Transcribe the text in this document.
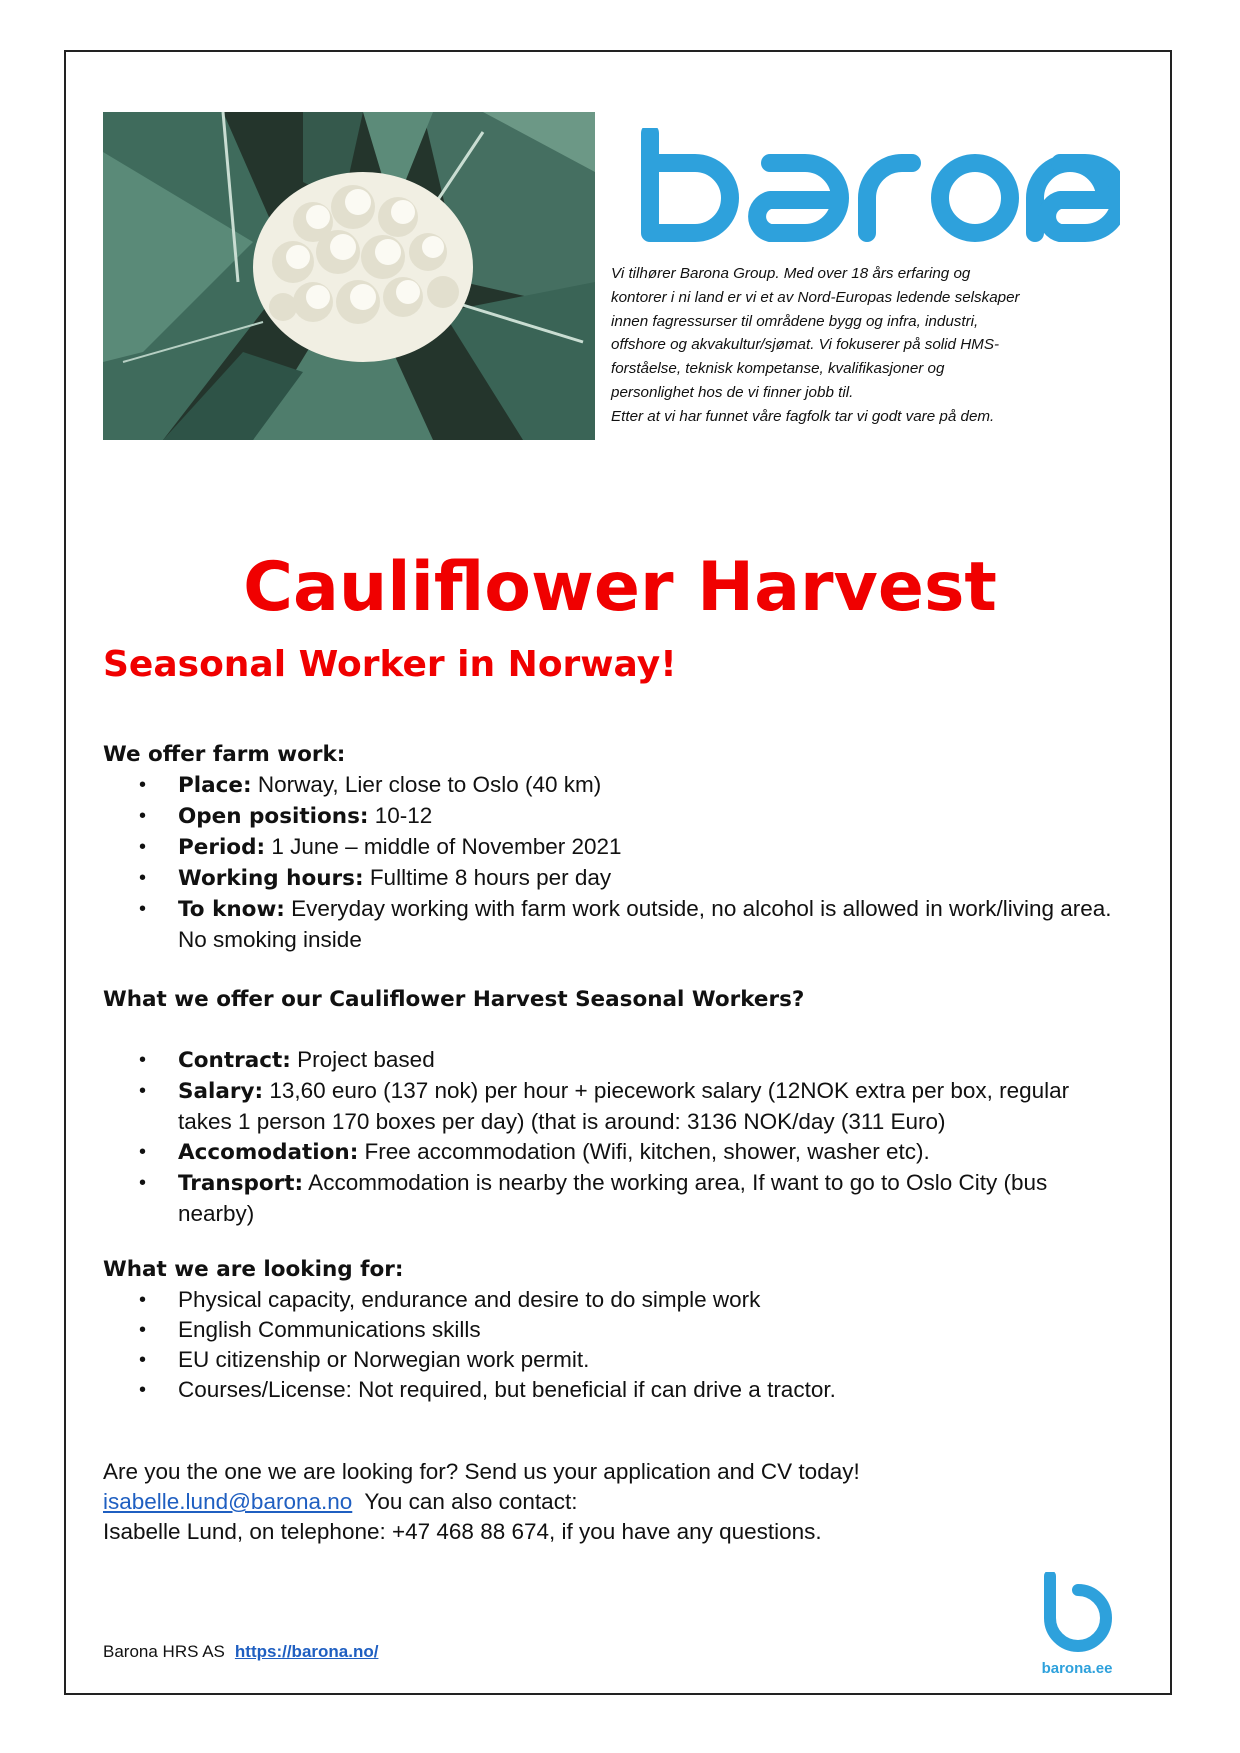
Vi tilhører Barona Group. Med over 18 års erfaring og

kontorer i ni land er vi et av Nord-Europas ledende selskaper

innen fagressurser til områdene bygg og infra, industri,

offshore og akvakultur/sjømat. Vi fokuserer på solid HMS-

forståelse, teknisk kompetanse, kvalifikasjoner og

personlighet hos de vi finner jobb til.

Etter at vi har funnet våre fagfolk tar vi godt vare på dem.

Cauliflower Harvest
Seasonal Worker in Norway!
We offer farm work:
• Place: Norway, Lier close to Oslo (40 km)
• Open positions: 10-12
• Period: 1 June – middle of November 2021
• Working hours: Fulltime 8 hours per day
• To know: Everyday working with farm work outside, no alcohol is allowed in work/living area. No smoking inside
What we offer our Cauliflower Harvest Seasonal Workers?
• Contract: Project based
• Salary: 13,60 euro (137 nok) per hour + piecework salary (12NOK extra per box, regular takes 1 person 170 boxes per day) (that is around: 3136 NOK/day (311 Euro)
• Accomodation: Free accommodation (Wifi, kitchen, shower, washer etc).
• Transport: Accommodation is nearby the working area, If want to go to Oslo City (bus nearby)
What we are looking for:
• Physical capacity, endurance and desire to do simple work
• English Communications skills
• EU citizenship or Norwegian work permit.
• Courses/License: Not required, but beneficial if can drive a tractor.

Are you the one we are looking for? Send us your application and CV today!

isabelle.lund@barona.no  You can also contact:

Isabelle Lund, on telephone: +47 468 88 674, if you have any questions.

Barona HRS AS https://barona.no/
barona.ee
